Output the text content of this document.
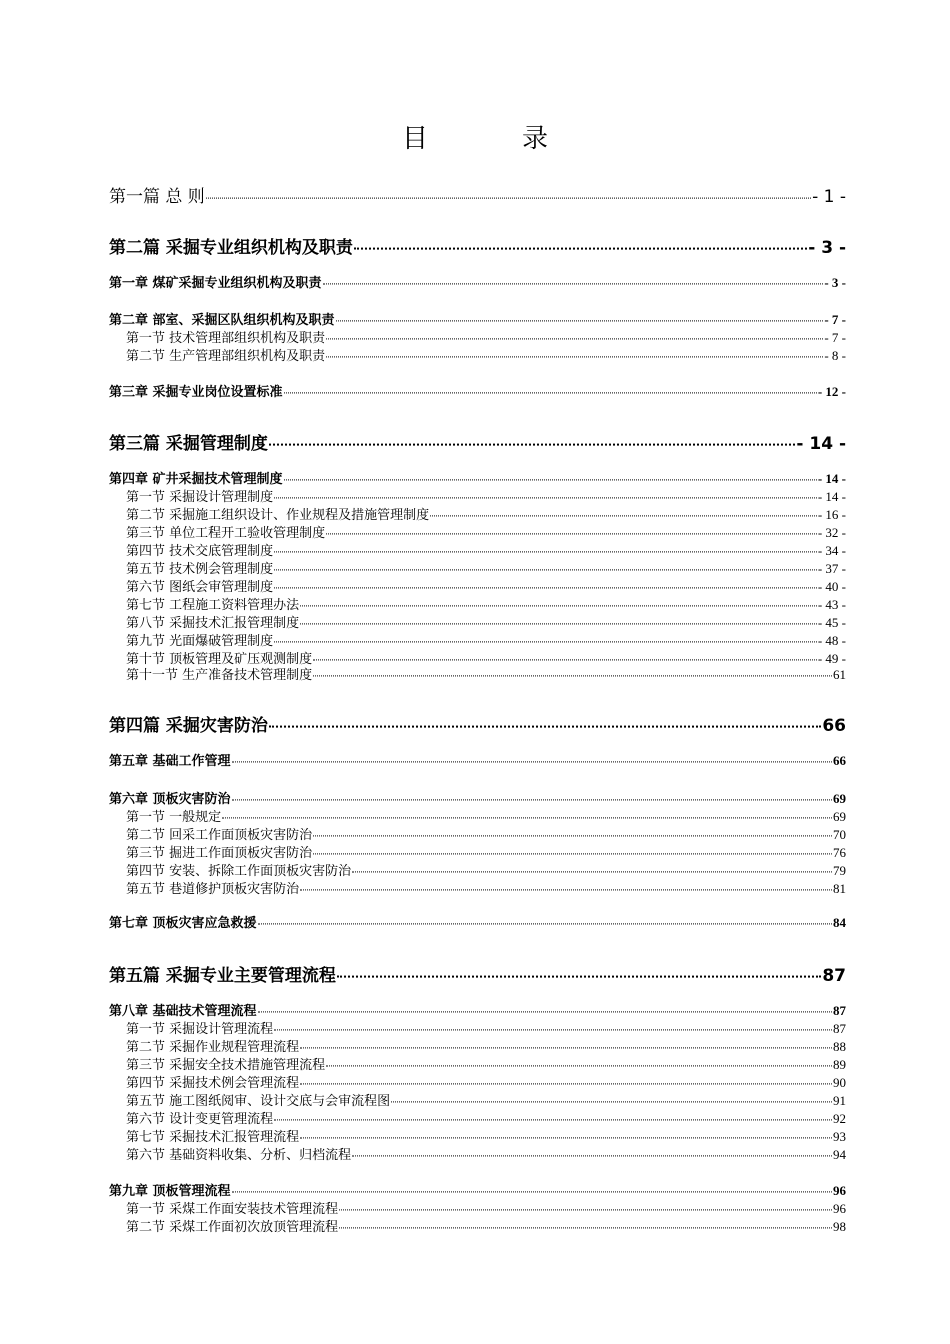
目　录
第一篇 总 则	- 1 -
第二篇 采掘专业组织机构及职责	- 3 -
第一章 煤矿采掘专业组织机构及职责	- 3 -
第二章 部室、采掘区队组织机构及职责	- 7 -
第一节 技术管理部组织机构及职责	- 7 -
第二节 生产管理部组织机构及职责	- 8 -
第三章 采掘专业岗位设置标准	- 12 -
第三篇 采掘管理制度	- 14 -
第四章 矿井采掘技术管理制度	- 14 -
第一节 采掘设计管理制度	- 14 -
第二节 采掘施工组织设计、作业规程及措施管理制度	- 16 -
第三节 单位工程开工验收管理制度	- 32 -
第四节 技术交底管理制度	- 34 -
第五节 技术例会管理制度	- 37 -
第六节 图纸会审管理制度	- 40 -
第七节 工程施工资料管理办法	- 43 -
第八节 采掘技术汇报管理制度	- 45 -
第九节 光面爆破管理制度	- 48 -
第十节 顶板管理及矿压观测制度	- 49 -
第十一节 生产准备技术管理制度	61
第四篇 采掘灾害防治	66
第五章 基础工作管理	66
第六章 顶板灾害防治	69
第一节 一般规定	69
第二节 回采工作面顶板灾害防治	70
第三节 掘进工作面顶板灾害防治	76
第四节 安装、拆除工作面顶板灾害防治	79
第五节 巷道修护顶板灾害防治	81
第七章 顶板灾害应急救援	84
第五篇 采掘专业主要管理流程	87
第八章 基础技术管理流程	87
第一节 采掘设计管理流程	87
第二节 采掘作业规程管理流程	88
第三节 采掘安全技术措施管理流程	89
第四节 采掘技术例会管理流程	90
第五节 施工图纸阅审、设计交底与会审流程图	91
第六节 设计变更管理流程	92
第七节 采掘技术汇报管理流程	93
第六节 基础资料收集、分析、归档流程	94
第九章 顶板管理流程	96
第一节 采煤工作面安装技术管理流程	96
第二节 采煤工作面初次放顶管理流程	98
